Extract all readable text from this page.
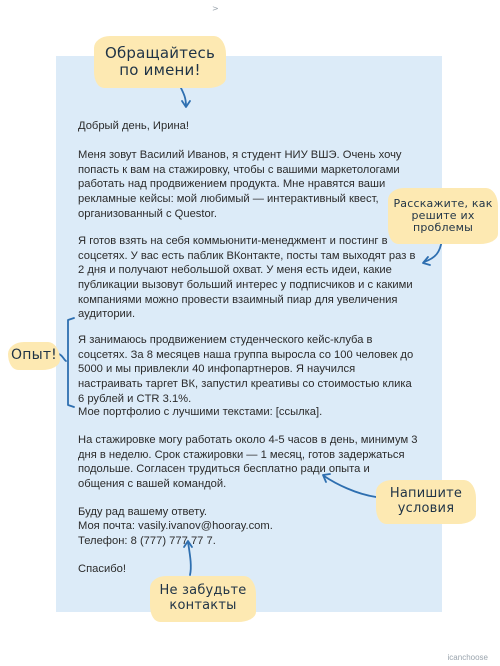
>

Добрый день, Ирина!

Меня зовут Василий Иванов, я студент НИУ ВШЭ. Очень хочу попасть к вам на стажировку, чтобы с вашими маркетологами работать над продвижением продукта. Мне нравятся ваши рекламные кейсы: мой любимый — интерактивный квест, организованный с Questor.

Я готов взять на себя коммьюнити-менеджмент и постинг в соцсетях. У вас есть паблик ВКонтакте, посты там выходят раз в 2 дня и получают небольшой охват. У меня есть идеи, какие публикации вызовут больший интерес у подписчиков и с какими компаниями можно провести взаимный пиар для увеличения аудитории.

Я занимаюсь продвижением студенческого кейс-клуба в соцсетях. За 8 месяцев наша группа выросла со 100 человек до 5000 и мы привлекли 40 инфопартнеров. Я научился настраивать таргет ВК, запустил креативы со стоимостью клика 6 рублей и CTR 3.1%.

Мое портфолио с лучшими текстами: [ссылка].

На стажировке могу работать около 4-5 часов в день, минимум 3 дня в неделю. Срок стажировки — 1 месяц, готов задержаться подольше. Согласен трудиться бесплатно ради опыта и общения с вашей командой.

Буду рад вашему ответу.

Моя почта: vasily.ivanov@hooray.com.

Телефон: 8 (777) 777 77 7.

Спасибо!

Обращайтесь по имени!
Расскажите, как решите их проблемы
Опыт!
Напишите условия
Не забудьте контакты
icanchoose
